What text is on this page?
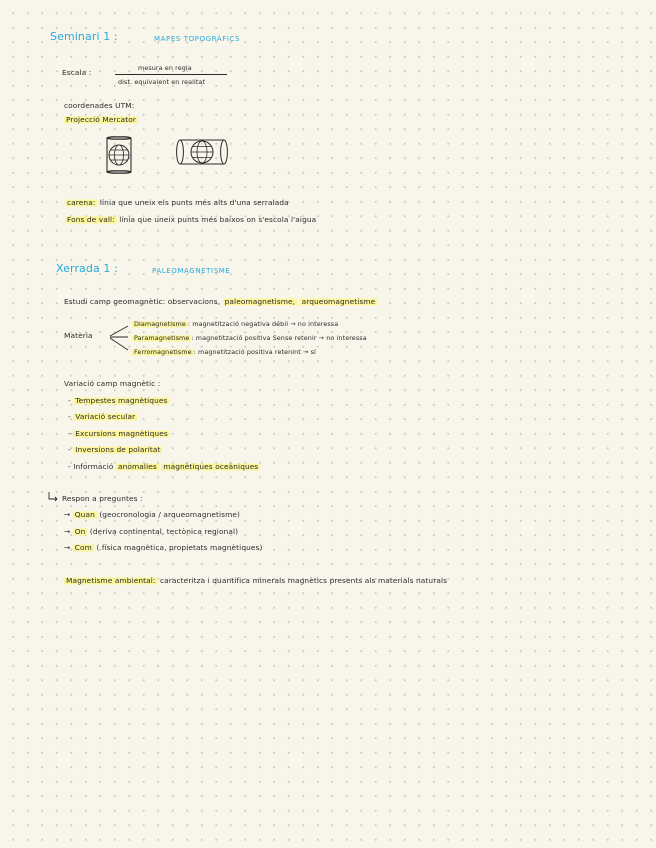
Seminari 1 :	MAPES TOPOGRÀFICS
Escala :	mesura en regla
dist. equivalent en realitat
coordenades UTM:
Projecció Mercator
carena: línia que uneix els punts més alts d'una serralada
Fons de vall: línia que uneix punts més baixos on s'escola l'aigua
Xerrada 1 :	PALEOMAGNETISME
Estudi camp geomagnètic: observacions, paleomagnetisme, arqueomagnetisme
Matèria
Diamagnetisme : magnetització negativa débil → no interessa
Paramagnetisme : magnetització positiva Sense retenir → no interessa
Ferromagnetisme : magnetització positiva retenint → sí
Variació camp magnètic :
- Tempestes magnètiques
- Variació secular
- Excursions magnètiques
- Inversions de polaritat
- Informació anomalies magnètiques oceàniques
Respon a preguntes :
→ Quan (geocronologia / arqueomagnetisme)
→ On (deriva continental, tectònica regional)
→ Com ( física magnètica, propietats magnètiques)
Magnetisme ambiental: caracteritza i quantifica minerals magnètics presents als materials naturals
